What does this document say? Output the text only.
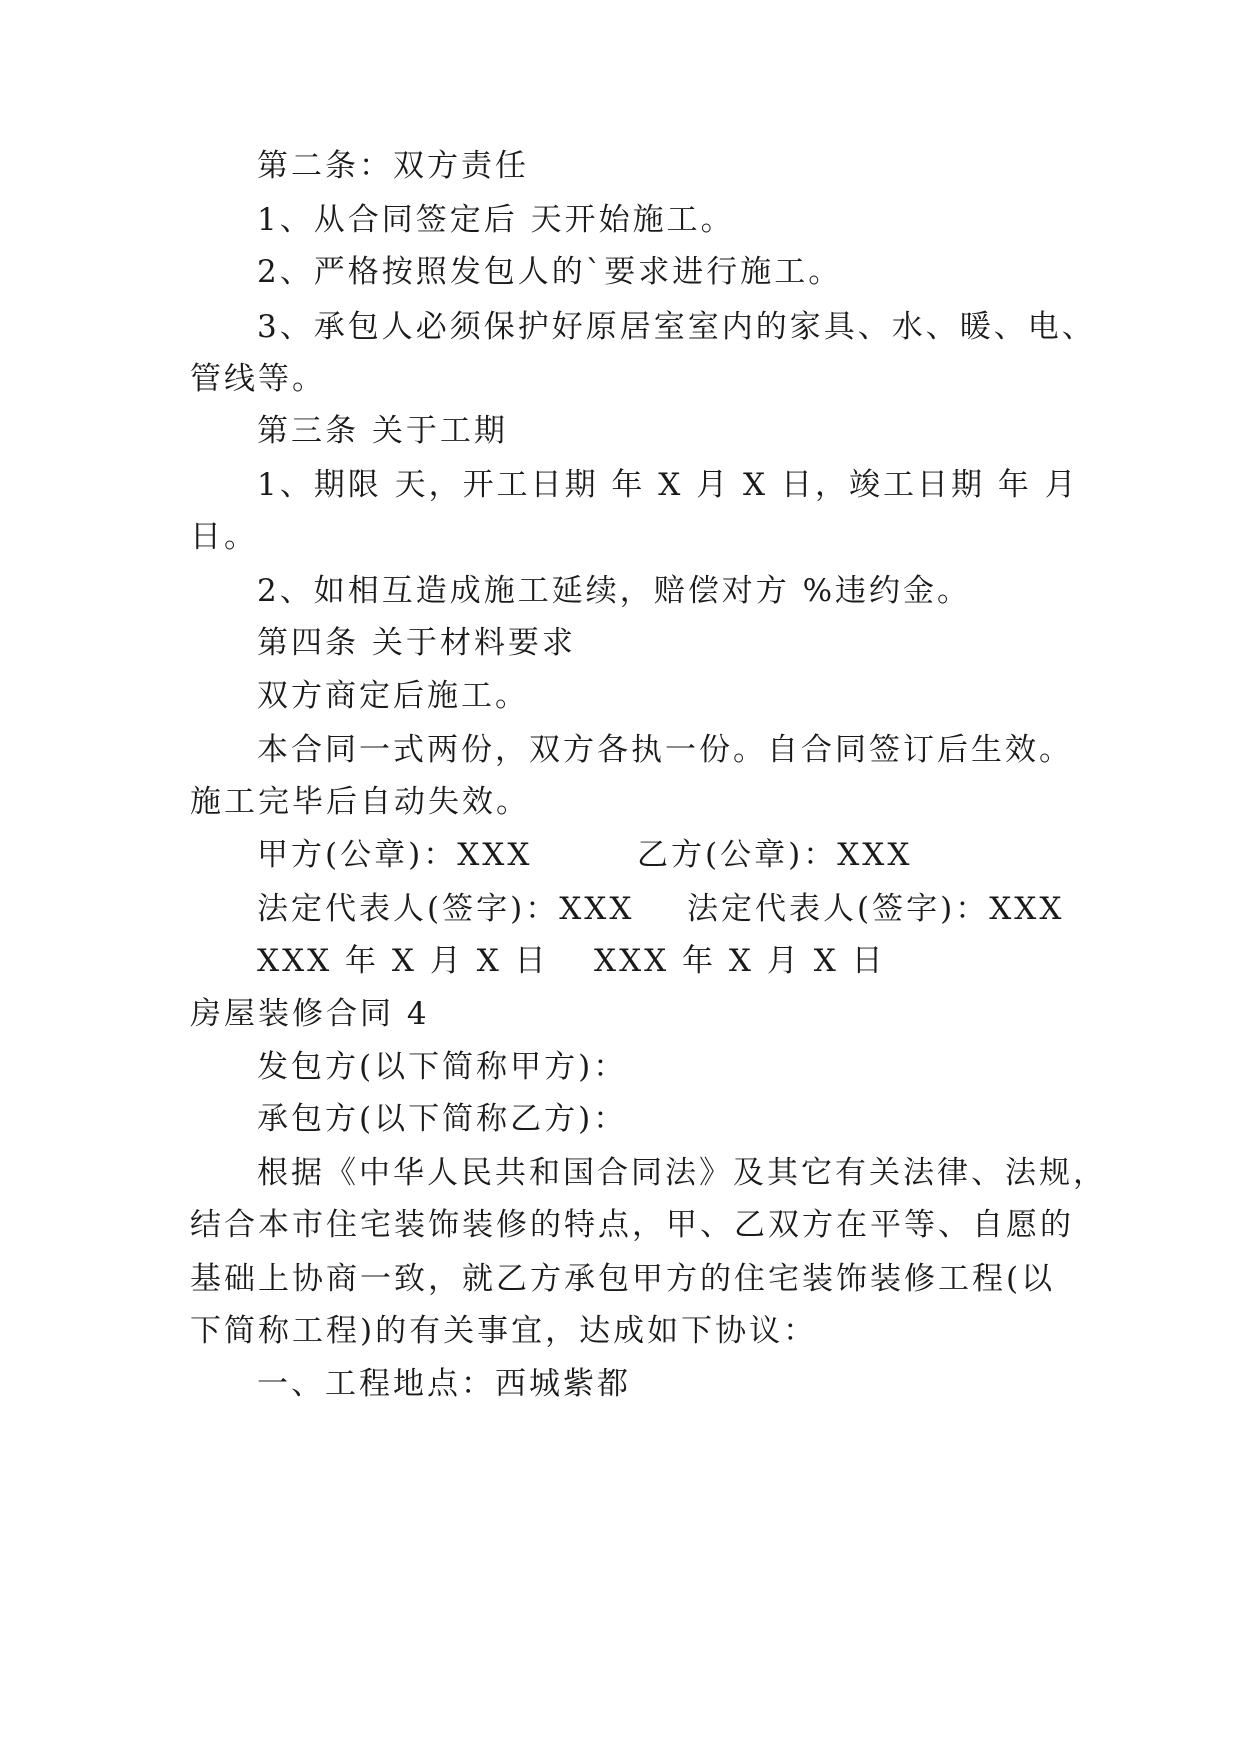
第二条：双方责任
1、从合同签定后 天开始施工。
2、严格按照发包人的`要求进行施工。
3、承包人必须保护好原居室室内的家具、水、暖、电、
管线等。
第三条 关于工期
1、期限 天，开工日期 年 X 月 X 日，竣工日期 年 月
日。
2、如相互造成施工延续，赔偿对方 %违约金。
第四条 关于材料要求
双方商定后施工。
本合同一式两份，双方各执一份。自合同签订后生效。
施工完毕后自动失效。
甲方(公章)：XXX	乙方(公章)：XXX
法定代表人(签字)：XXX 法定代表人(签字)：XXX
XXX 年 X 月 X 日 XXX 年 X 月 X 日
房屋装修合同 4
发包方(以下简称甲方)：
承包方(以下简称乙方)：
根据《中华人民共和国合同法》及其它有关法律、法规，
结合本市住宅装饰装修的特点，甲、乙双方在平等、自愿的
基础上协商一致，就乙方承包甲方的住宅装饰装修工程(以
下简称工程)的有关事宜，达成如下协议：
一、工程地点：西城紫都
